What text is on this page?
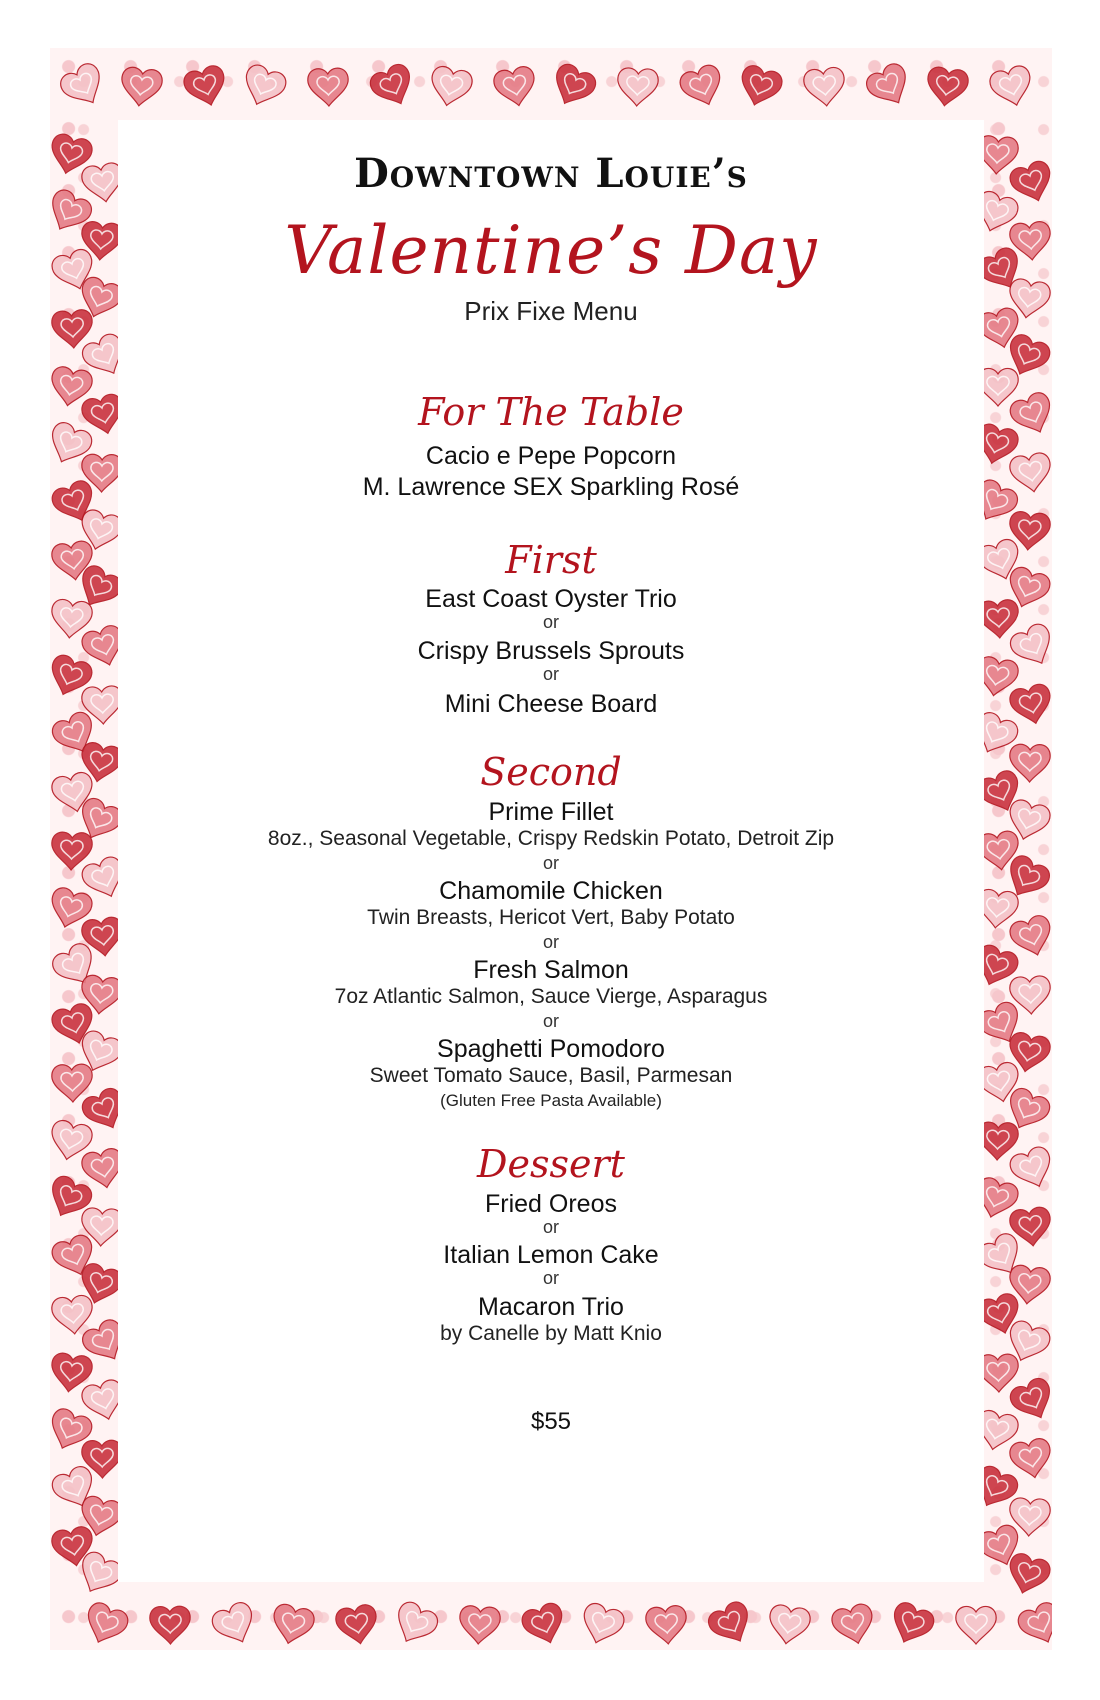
Downtown Louie’s
Valentine’s Day
Prix Fixe Menu
For The Table
Cacio e Pepe Popcorn
M. Lawrence SEX Sparkling Rosé
First
East Coast Oyster Trio
or
Crispy Brussels Sprouts
or
Mini Cheese Board
Second
Prime Fillet
8oz., Seasonal Vegetable, Crispy Redskin Potato, Detroit Zip
or
Chamomile Chicken
Twin Breasts, Hericot Vert, Baby Potato
or
Fresh Salmon
7oz Atlantic Salmon, Sauce Vierge, Asparagus
or
Spaghetti Pomodoro
Sweet Tomato Sauce, Basil, Parmesan
(Gluten Free Pasta Available)
Dessert
Fried Oreos
or
Italian Lemon Cake
or
Macaron Trio
by Canelle by Matt Knio
$55
